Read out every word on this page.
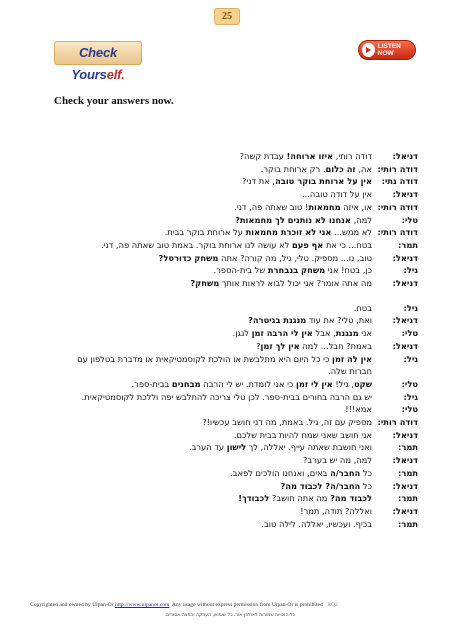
25
Check Yourself.
LISTEN NOW
Check your answers now.
דניאל:
דודה רותי, איזו ארוחה! עבדת קשה?
דודה רותי:
אה, זה כלום. רק ארוחת בוקר.
דודה נתי:
אין על ארוחת בוקר טובה, את דני?
דניאל:
אין על דודה טובה...
דודה רותי:
או, איזה מחמאות! טוב שאתה פה, דני.
טלי:
למה, אנחנו לא נותנים לך מחמאות?
דודה רותי:
לא ממש... אני לא זוכרת מחמאות על ארוחת בוקר בבית.
תמר:
בטח... כי את אף פעם לא עושה לנו ארוחת בוקר. באמת טוב שאתה פה, דני.
דניאל:
טוב, נו... מספיק. טלי, גיל, מה קורה? אתה משחק כדורסל?
גיל:
כן, בטח! אני משחק בנבחרת של בית-הספר.
דניאל:
מה אתה אומר? אני יכול לבוא לראות אותך משחק?
גיל:
בטח.
דניאל:
ואת, טלי? את עוד מנגנת בגיטרה?
טלי:
אני מנגנת, אבל אין לי הרבה זמן לנגן.
דניאל:
באמת? חבל... למה אין לך זמן?
גיל:
אין לה זמן כי כל היום היא מתלבשת או הולכת לקוסמטיקאית או מדברת בטלפון עם חברות שלה.
טלי:
שקט, גיל! אין לי זמן כי אני לומדת. יש לי הרבה מבחנים בבית-ספר.
גיל:
יש גם הרבה בחורים בבית-ספר. לכן טלי צריכה להתלבש יפה וללכת לקוסמטיקאית.
טלי:
אמא!!!
דודה רותי:
מספיק עם זה, גיל. באמת, מה דני חושב עכשיו!?
דניאל:
אני חושב שאני שמח להיות בבית שלכם.
תמר:
ואני חושבת שאתה עייף. יאללה, לך לישון עד הערב.
דניאל:
למה, מה יש בערב?
תמר:
כל החבר/ה באים, ואנחנו הולכים לפאב.
דניאל:
כל החבר/ה? לכבוד מה?
תמר:
לכבוד מה? מה אתה חושב? לכבודך!
דניאל:
ואללה? תודה, תמר!
תמר:
בכיף. ועכשיו, יאללה. לילה טוב.
Copyrighted and owned by Ulpan-Or http://www.ulpanor.com. Any usage without express permission from Ulpan-Or is prohibited RQ2
כל הזכויות שמורות לאולפן-אור. כל שימוש, העתקה והפצה אסורים.
